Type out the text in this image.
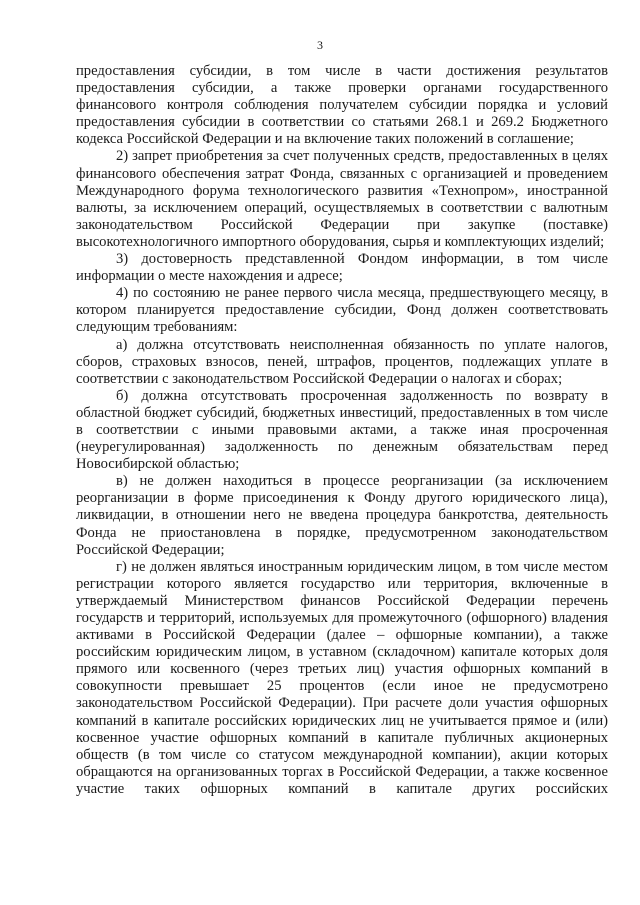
3

предоставления субсидии, в том числе в части достижения результатов предоставления субсидии, а также проверки органами государственного финансового контроля соблюдения получателем субсидии порядка и условий предоставления субсидии в соответствии со статьями 268.1 и 269.2 Бюджетного кодекса Российской Федерации и на включение таких положений в соглашение;

2) запрет приобретения за счет полученных средств, предоставленных в целях финансового обеспечения затрат Фонда, связанных с организацией и проведением Международного форума технологического развития «Технопром», иностранной валюты, за исключением операций, осуществляемых в соответствии с валютным законодательством Российской Федерации при закупке (поставке) высокотехнологичного импортного оборудования, сырья и комплектующих изделий;

3) достоверность представленной Фондом информации, в том числе информации о месте нахождения и адресе;

4) по состоянию не ранее первого числа месяца, предшествующего месяцу, в котором планируется предоставление субсидии, Фонд должен соответствовать следующим требованиям:

а) должна отсутствовать неисполненная обязанность по уплате налогов, сборов, страховых взносов, пеней, штрафов, процентов, подлежащих уплате в соответствии с законодательством Российской Федерации о налогах и сборах;

б) должна отсутствовать просроченная задолженность по возврату в областной бюджет субсидий, бюджетных инвестиций, предоставленных в том числе в соответствии с иными правовыми актами, а также иная просроченная (неурегулированная) задолженность по денежным обязательствам перед Новосибирской областью;

в) не должен находиться в процессе реорганизации (за исключением реорганизации в форме присоединения к Фонду другого юридического лица), ликвидации, в отношении него не введена процедура банкротства, деятельность Фонда не приостановлена в порядке, предусмотренном законодательством Российской Федерации;

г) не должен являться иностранным юридическим лицом, в том числе местом регистрации которого является государство или территория, включенные в утверждаемый Министерством финансов Российской Федерации перечень государств и территорий, используемых для промежуточного (офшорного) владения активами в Российской Федерации (далее – офшорные компании), а также российским юридическим лицом, в уставном (складочном) капитале которых доля прямого или косвенного (через третьих лиц) участия офшорных компаний в совокупности превышает 25 процентов (если иное не предусмотрено законодательством Российской Федерации). При расчете доли участия офшорных компаний в капитале российских юридических лиц не учитывается прямое и (или) косвенное участие офшорных компаний в капитале публичных акционерных обществ (в том числе со статусом международной компании), акции которых обращаются на организованных торгах в Российской Федерации, а также косвенное участие таких офшорных компаний в капитале других российских
